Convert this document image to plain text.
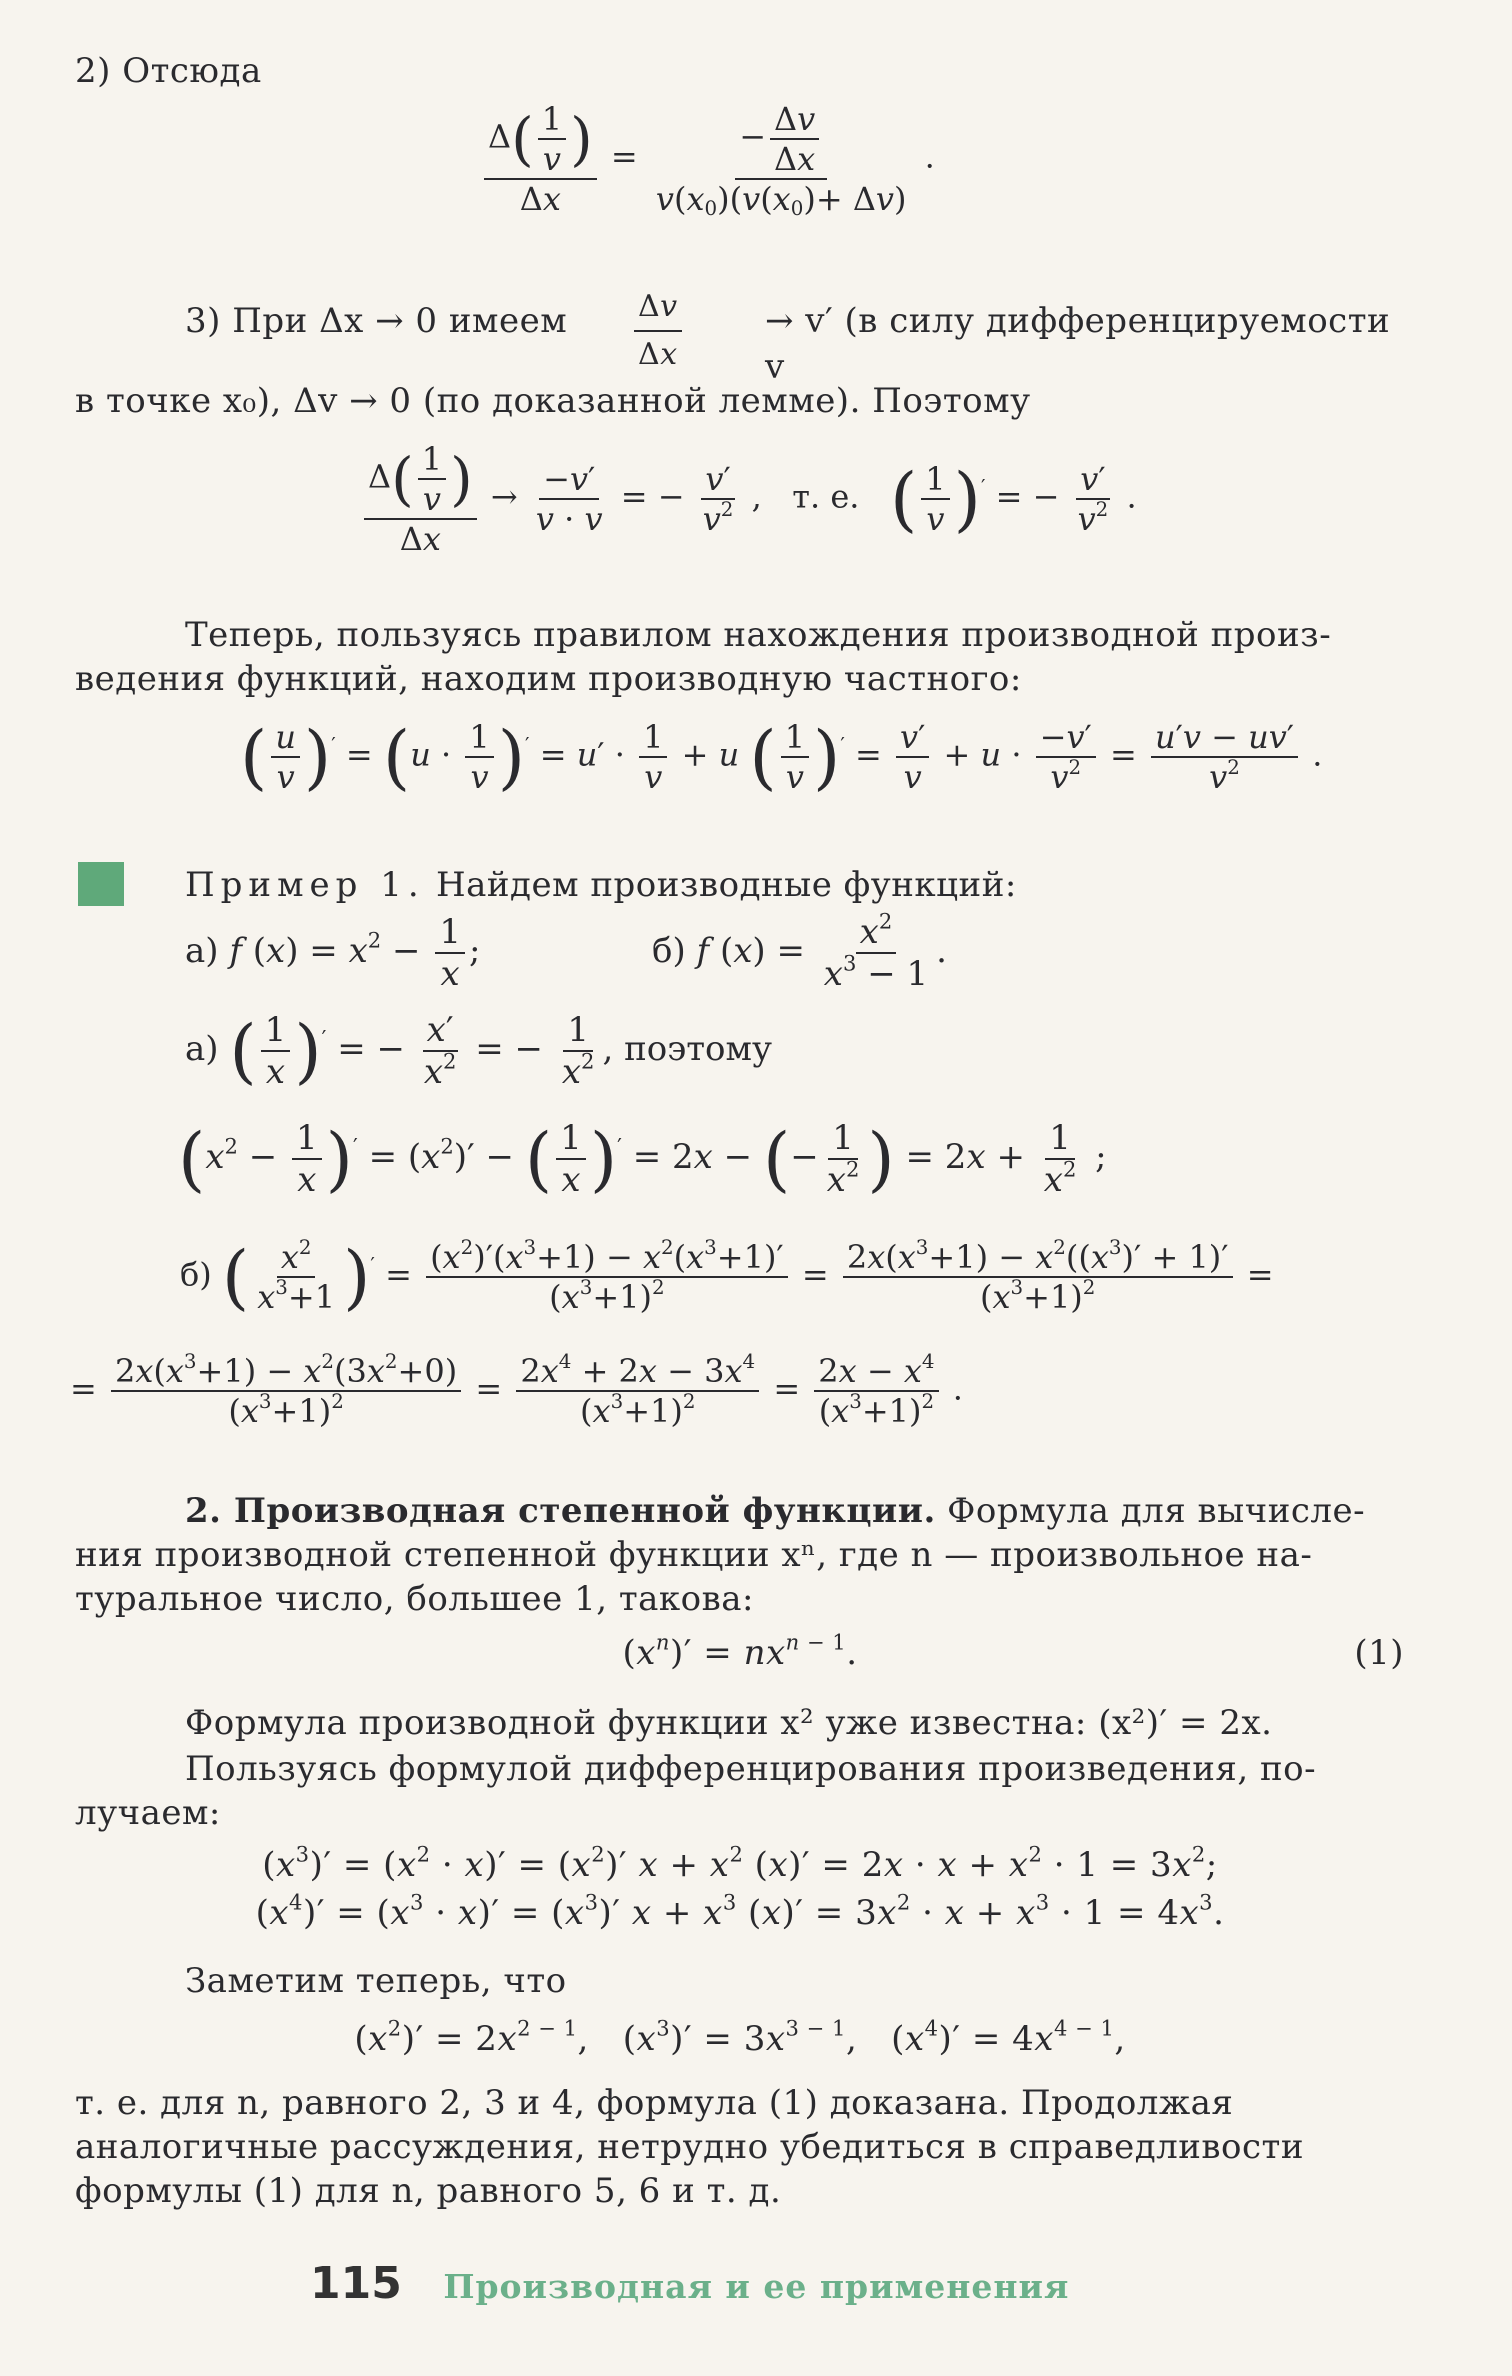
2) Отсюда
$\frac{\Delta( \frac{1}{v} )}{\Delta x} = \frac{- \frac{\Delta v}{\Delta x}}{v(x_0)(v(x_0)+ \Delta v)}$ .
3) При Δx → 0 имеем $\frac{\Delta v}{\Delta x} \to v'$ (в силу дифференцируемости v
в точке x₀), Δv → 0 (по доказанной лемме). Поэтому
$\frac{\Delta( \frac{1}{v} )}{\Delta x} \to \frac{-v'}{v \cdot v}$ = − $\frac{v'}{v^2}$ ,   т. е. ( $\frac{1}{v} )'$ = − $\frac{v'}{v^2}$ .
Теперь, пользуясь правилом нахождения производной произ-
ведения функций, находим производную частного:
( $\frac{u}{v} )' = (u \cdot \frac{1}{v} )' = u' \cdot \frac{1}{v} + u$ ( $\frac{1}{v} )' = \frac{v'}{v} + u \cdot \frac{-v'}{v^2} = \frac{u'v - uv'}{v^2}$ .
Пример 1. Найдем производные функций:
а) f $(x) = x^2 - \frac{1}{x}$ ;	б) f $(x) = \frac{x^2}{x^3 - 1}$ .
а) ( $\frac{1}{x} )'$ = − $\frac{x'}{x^2}$ = − $\frac{1}{x^2}$ , поэтому
$(x^2 - \frac{1}{x} )' = (x^2)'$ − ( $\frac{1}{x} )' = 2x$ − (− $\frac{1}{x^2}$ ) = $2x + \frac{1}{x^2}$ ;
б) ( $\frac{x^2}{x^3+1} )' = \frac{(x^2)'(x^3+1) - x^2(x^3+1)'}{(x^3+1)^2} = \frac{2x(x^3+1) - x^2((x^3)' + 1)'}{(x^3+1)^2}$ =
= $\frac{2x(x^3+1) - x^2(3x^2+0)}{(x^3+1)^2} = \frac{2x^4 + 2x - 3x^4}{(x^3+1)^2} = \frac{2x - x^4}{(x^3+1)^2}$ .
2. Производная степенной функции. Формула для вычисле-
ния производной степенной функции xⁿ, где n — произвольное на-
туральное число, большее 1, такова:
$(x^n)' = nx^{n - 1}$.	(1)
Формула производной функции x² уже известна: (x²)′ = 2x.
Пользуясь формулой дифференцирования произведения, по-
лучаем:
$(x^3)' = (x^2 \cdot x)' = (x^2)'$ $x + x^2$ $(x)' = 2x \cdot x + x^2 \cdot 1 = 3x^2$;
$(x^4)' = (x^3 \cdot x)' = (x^3)'$ $x + x^3$ $(x)' = 3x^2 \cdot x + x^3 \cdot 1 = 4x^3$.
Заметим теперь, что
$(x^2)' = 2x^{2 - 1}$,   $(x^3)' = 3x^{3 - 1}$,   $(x^4)' = 4x^{4 - 1}$,
т. е. для n, равного 2, 3 и 4, формула (1) доказана. Продолжая
аналогичные рассуждения, нетрудно убедиться в справедливости
формулы (1) для n, равного 5, 6 и т. д.
115 Производная и ее применения
